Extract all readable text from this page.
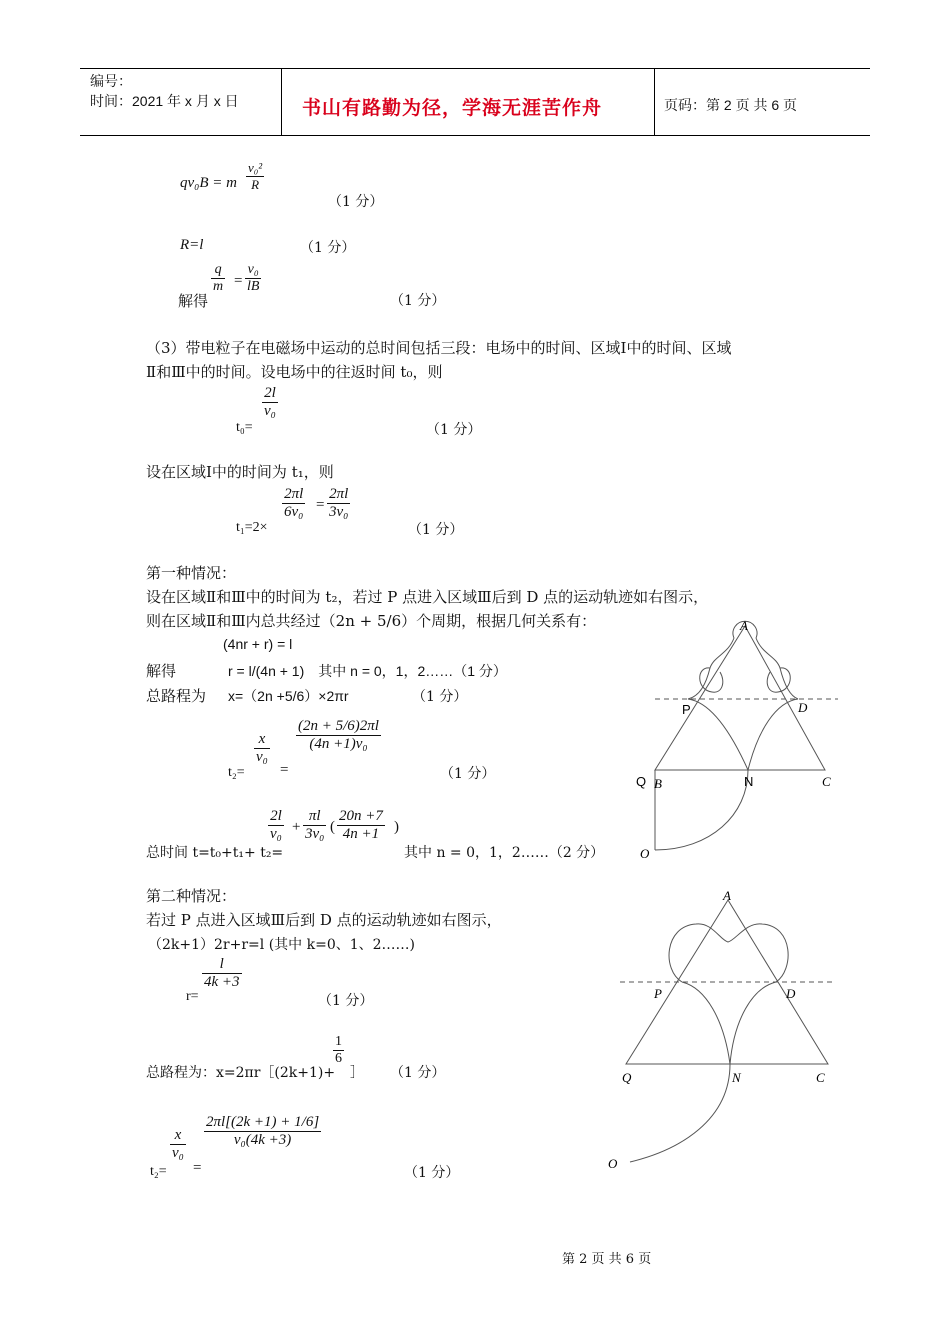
编号：
时间：2021 年 x 月 x 日	书山有路勤为径，学海无涯苦作舟	页码：第 2 页 共 6 页
qv₀B = m
v₀²
R
（1 分）
R=l	（1 分）
解得
q
m =
v₀
lB
（1 分）
（3）带电粒子在电磁场中运动的总时间包括三段：电场中的时间、区域Ⅰ中的时间、区域
Ⅱ和Ⅲ中的时间。设电场中的往返时间 t₀，则
t₀=
2l
v₀
（1 分）
设在区域Ⅰ中的时间为 t₁，则
t₁=2×
2πl
6v₀ =
2πl
3v₀
（1 分）
第一种情况：
设在区域Ⅱ和Ⅲ中的时间为 t₂，若过 P 点进入区域Ⅲ后到 D 点的运动轨迹如右图示，
则在区域Ⅱ和Ⅲ内总共经过（2n + 5/6）个周期，根据几何关系有：
(4nr + r) = l
解得	r = l/(4n + 1)　其中 n = 0，1，2……（1 分）
总路程为 x=（2n +5/6）×2πr	（1 分）
t₂=
x
v₀
=
(2n + 5/6)2πl
(4n +1)v₀
（1 分）
总时间 t=t₀+t₁+ t₂=
2l
v₀ +
πl
3v₀ (
20n +7
4n +1 )
其中 n = 0，1，2……（2 分）
第二种情况：
若过 P 点进入区域Ⅲ后到 D 点的运动轨迹如右图示，
（2k+1）2r+r=l (其中 k=0、1、2……)
r=
l
4k +3
（1 分）
总路程为：x=2πr［(2k+1)+
1
6
］ （1 分）
t₂=
x
v₀
=
2πl[(2k +1) + 1/6]
v₀(4k +3)
（1 分）
A
P	D
Q B	N	C
O
A
P	D
Q	N	C
O
第 2 页 共 6 页
